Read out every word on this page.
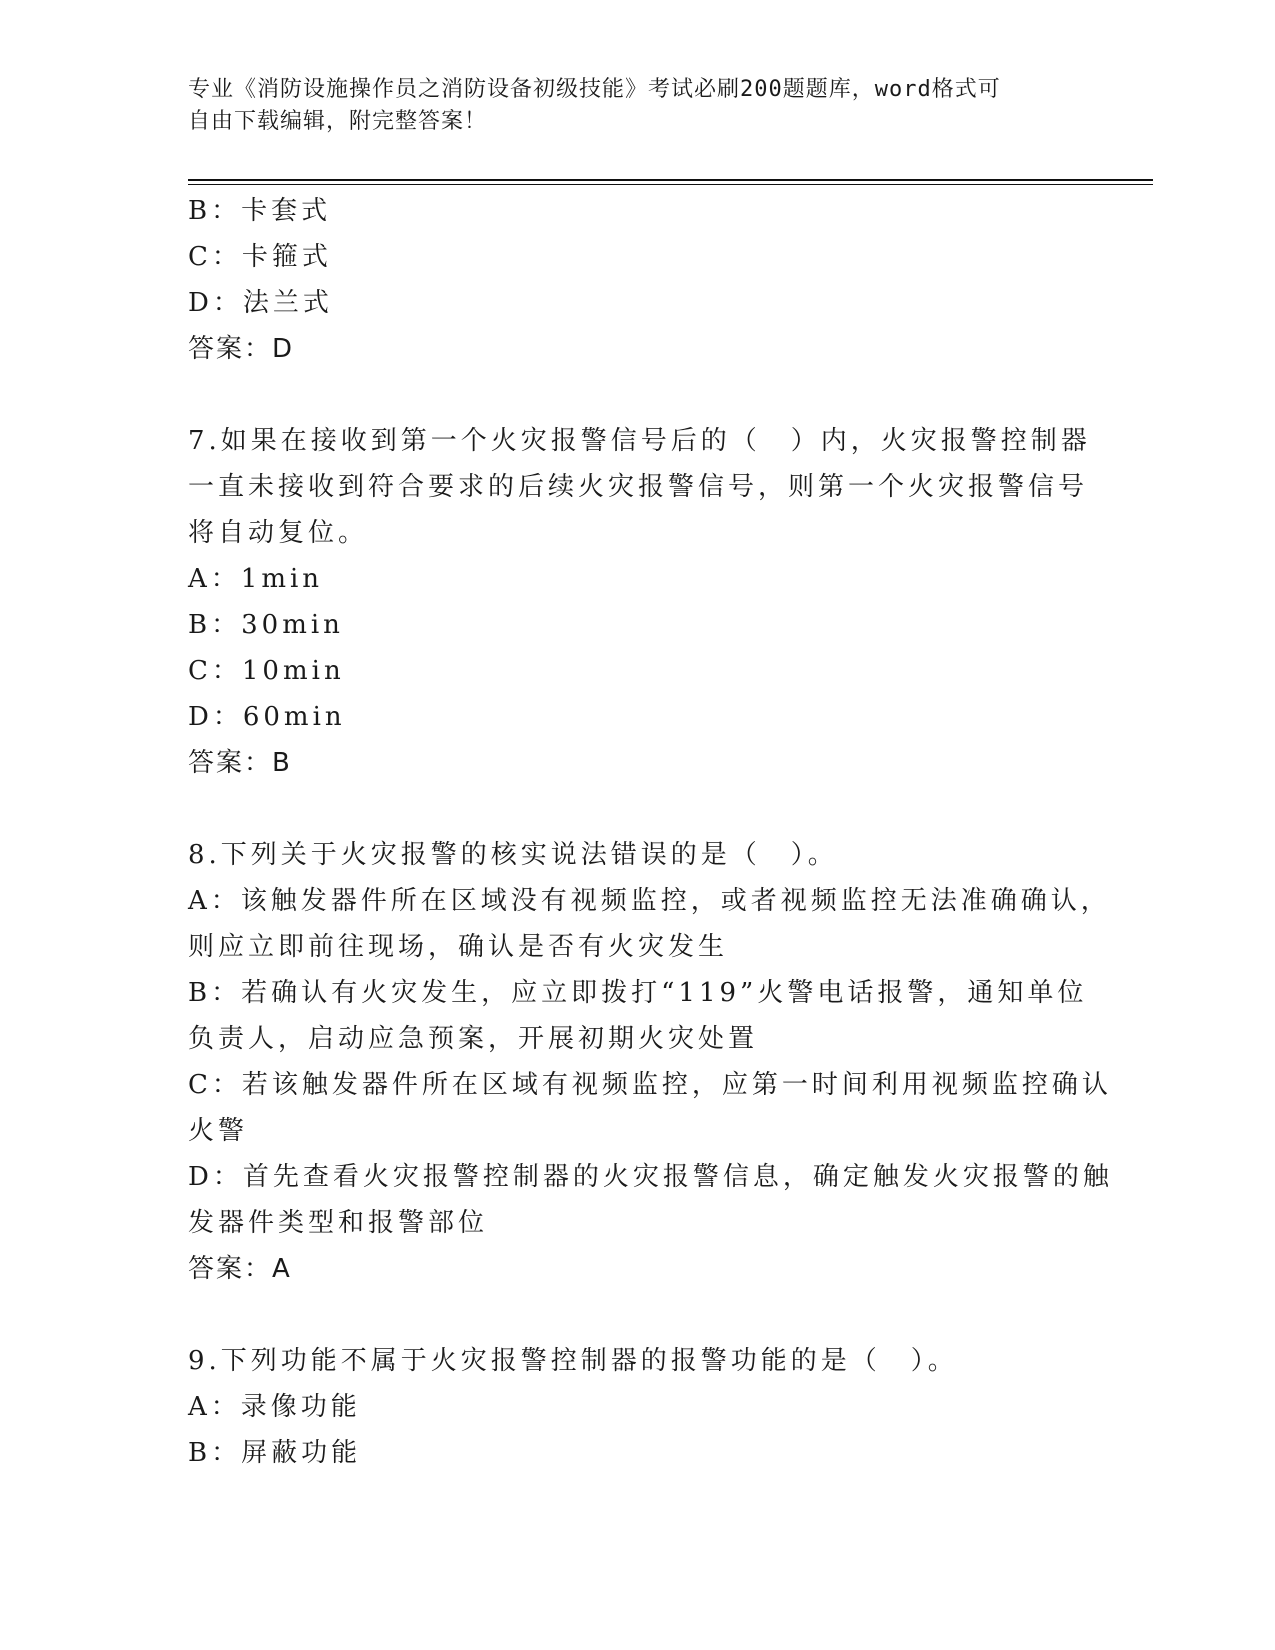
专业《消防设施操作员之消防设备初级技能》考试必刷200题题库，word格式可
自由下载编辑，附完整答案！
B：卡套式
C：卡箍式
D：法兰式
答案：D
7.如果在接收到第一个火灾报警信号后的（　）内，火灾报警控制器
一直未接收到符合要求的后续火灾报警信号，则第一个火灾报警信号
将自动复位。
A：1min
B：30min
C：10min
D：60min
答案：B
8.下列关于火灾报警的核实说法错误的是（　）。
A：该触发器件所在区域没有视频监控，或者视频监控无法准确确认，
则应立即前往现场，确认是否有火灾发生
B：若确认有火灾发生，应立即拨打“119”火警电话报警，通知单位
负责人，启动应急预案，开展初期火灾处置
C：若该触发器件所在区域有视频监控，应第一时间利用视频监控确认
火警
D：首先查看火灾报警控制器的火灾报警信息，确定触发火灾报警的触
发器件类型和报警部位
答案：A
9.下列功能不属于火灾报警控制器的报警功能的是（　）。
A：录像功能
B：屏蔽功能
